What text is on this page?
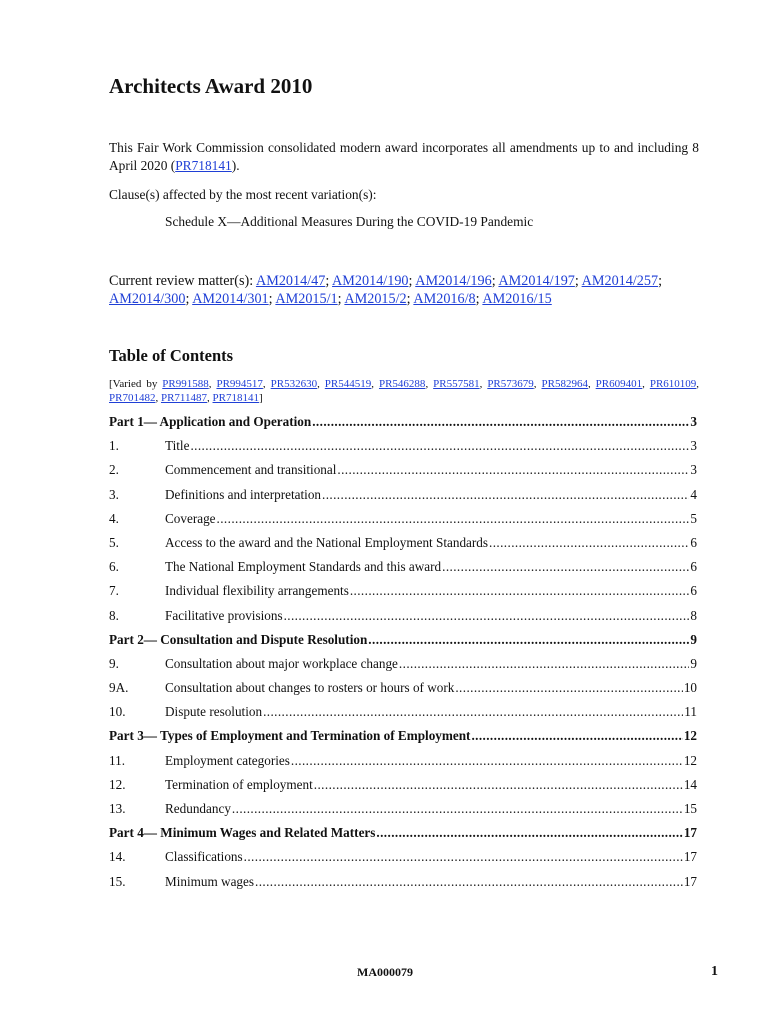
Architects Award 2010

This Fair Work Commission consolidated modern award incorporates all amendments up to and including 8 April 2020 (PR718141).

Clause(s) affected by the most recent variation(s):

Schedule X—Additional Measures During the COVID-19 Pandemic

Current review matter(s): AM2014/47; AM2014/190; AM2014/196; AM2014/197; AM2014/257; AM2014/300; AM2014/301; AM2015/1; AM2015/2; AM2016/8; AM2016/15

Table of Contents

[Varied by PR991588, PR994517, PR532630, PR544519, PR546288, PR557581, PR573679, PR582964, PR609401, PR610109, PR701482, PR711487, PR718141]

Part 1— Application and Operation .....	3
1.	Title .....	3
2.	Commencement and transitional .....	3
3.	Definitions and interpretation .....	4
4.	Coverage .....	5
5.	Access to the award and the National Employment Standards .....	6
6.	The National Employment Standards and this award .....	6
7.	Individual flexibility arrangements .....	6
8.	Facilitative provisions .....	8
Part 2— Consultation and Dispute Resolution .....	9
9.	Consultation about major workplace change .....	9
9A.	Consultation about changes to rosters or hours of work .....	10
10.	Dispute resolution .....	11
Part 3— Types of Employment and Termination of Employment .....	12
11.	Employment categories .....	12
12.	Termination of employment .....	14
13.	Redundancy .....	15
Part 4— Minimum Wages and Related Matters .....	17
14.	Classifications .....	17
15.	Minimum wages .....	17

MA000079	1
